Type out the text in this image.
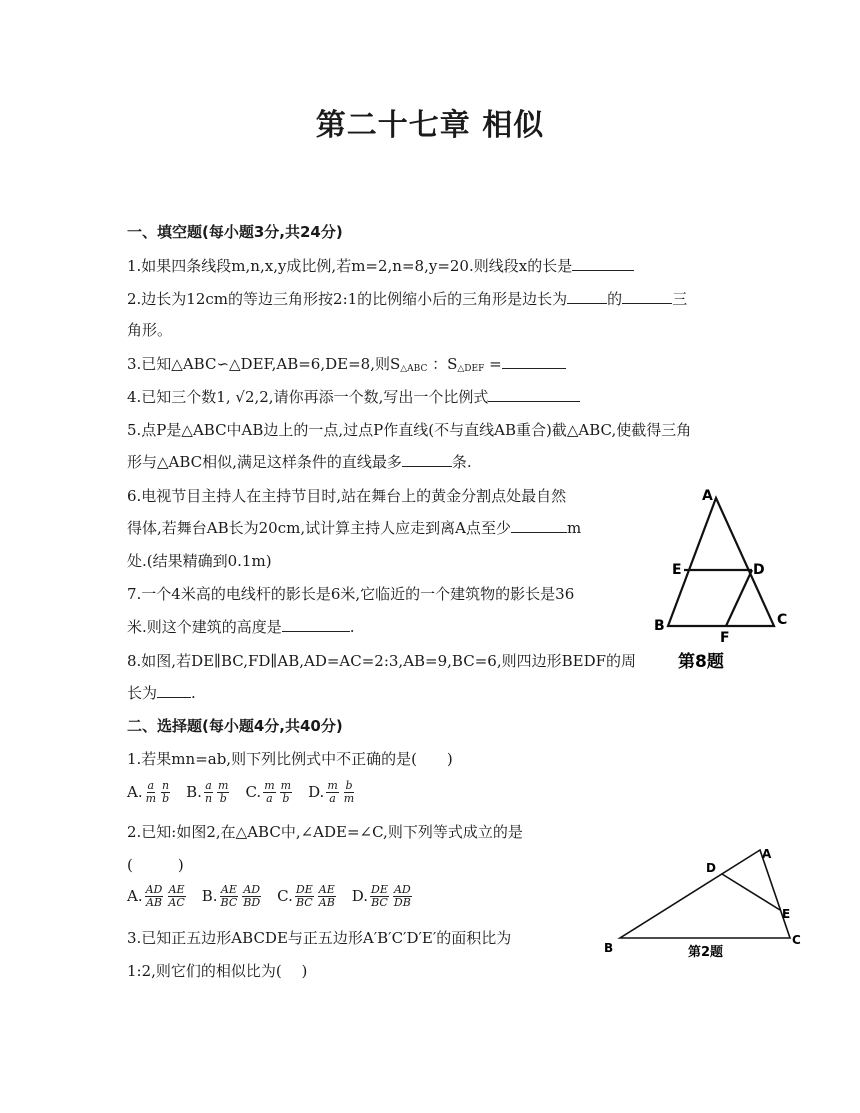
第二十七章 相似
一、填空题(每小题3分,共24分)
1.如果四条线段m,n,x,y成比例,若m=2,n=8,y=20.则线段x的长是
2.边长为12cm的等边三角形按2:1的比例缩小后的三角形是边长为	的	三
角形。
3.已知△ABC∽△DEF,AB=6,DE=8,则$S_{\triangle ABC}$ ：$S_{\triangle DEF}$ =
4.已知三个数1, √2,2,请你再添一个数,写出一个比例式
5.点P是△ABC中AB边上的一点,过点P作直线(不与直线AB重合)截△ABC,使截得三角
形与△ABC相似,满足这样条件的直线最多	条.
6.电视节目主持人在主持节目时,站在舞台上的黄金分割点处最自然
得体,若舞台AB长为20cm,试计算主持人应走到离A点至少	m
处.(结果精确到0.1m)
7.一个4米高的电线杆的影长是6米,它临近的一个建筑物的影长是36
米.则这个建筑的高度是	.
8.如图,若DE∥BC,FD∥AB,AD=AC=2:3,AB=9,BC=6,则四边形BEDF的周
长为 .
二、选择题(每小题4分,共40分)
1.若果mn=ab,则下列比例式中不正确的是(　　)
A. $\frac{a}{m} \frac{n}{b} B$. $\frac{a}{n} \frac{m}{b} C$. $\frac{m}{a} \frac{m}{b} D$. $\frac{m}{a} \frac{b}{m}$
2.已知:如图2,在△ABC中,∠ADE=∠C,则下列等式成立的是
(　　　)
A. $\frac{AD}{AB} \frac{AE}{AC} B$. $\frac{AE}{BC} \frac{AD}{BD} C$. $\frac{DE}{BC} \frac{AE}{AB} D$. $\frac{DE}{BC} \frac{AD}{DB}$
3.已知正五边形ABCDE与正五边形A′B′C′D′E′的面积比为
1:2,则它们的相似比为(　 )
A
E	D
B	C
F
第8题
A
D
E
B
C
第2题
